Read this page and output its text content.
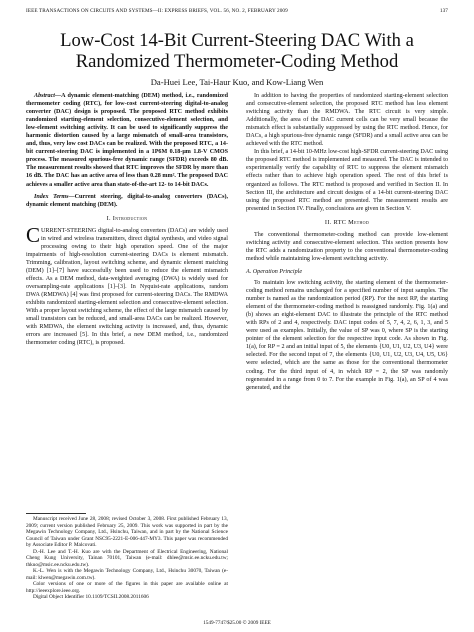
IEEE TRANSACTIONS ON CIRCUITS AND SYSTEMS—II: EXPRESS BRIEFS, VOL. 56, NO. 2, FEBRUARY 2009	137
Low-Cost 14-Bit Current-Steering DAC With a
Randomized Thermometer-Coding Method
Da-Huei Lee, Tai-Haur Kuo, and Kow-Liang Wen

Abstract—A dynamic element-matching (DEM) method, i.e., randomized thermometer coding (RTC), for low-cost current-steering digital-to-analog converter (DAC) design is proposed. The proposed RTC method exhibits randomized starting-element selection, consecutive-element selection, and low-element switching activity. It can be used to significantly suppress the harmonic distortion caused by a large mismatch of small-area transistors, and, thus, very low cost DACs can be realized. With the proposed RTC, a 14-bit current-steering DAC is implemented in a 1P6M 0.18-μm 1.8-V CMOS process. The measured spurious-free dynamic range (SFDR) exceeds 80 dB. The measurement results showed that RTC improves the SFDR by more than 16 dB. The DAC has an active area of less than 0.28 mm². The proposed DAC achieves a smaller active area than state-of-the-art 12- to 14-bit DACs.

Index Terms—Current steering, digital-to-analog converters (DACs), dynamic element matching (DEM).

I. Introduction

CURRENT-STEERING digital-to-analog converters (DACs) are widely used in wired and wireless transmitters, direct digital synthesis, and video signal processing owing to their high operation speed. One of the major impairments of high-resolution current-steering DACs is element mismatch. Trimming, calibration, layout switching scheme, and dynamic element matching (DEM) [1]–[7] have successfully been used to reduce the element mismatch effects. As a DEM method, data-weighted averaging (DWA) is widely used for oversampling-rate applications [1]–[3]. In Nyquist-rate applications, random DWA (RMDWA) [4] was first proposed for current-steering DACs. The RMDWA exhibits randomized starting-element selection and consecutive-element selection. With a proper layout switching scheme, the effect of the large mismatch caused by small transistors can be reduced, and small-area DACs can be realized. However, with RMDWA, the element switching activity is increased, and, thus, dynamic errors are increased [5]. In this brief, a new DEM method, i.e., randomized thermometer coding (RTC), is proposed.

Manuscript received June 28, 2008; revised October 3, 2008. First published February 13, 2009; current version published February 25, 2009. This work was supported in part by the Megawin Technology Company, Ltd., Hsinchu, Taiwan, and in part by the National Science Council of Taiwan under Grant NSC95-2221-E-006-447-MY3. This paper was recommended by Associate Editor P. Malcovati.

D.-H. Lee and T.-H. Kuo are with the Department of Electrical Engineering, National Cheng Kung University, Tainan 70101, Taiwan (e-mail: dhlee@msic.ee.ncku.edu.tw; thkuo@msic.ee.ncku.edu.tw).

K.-L. Wen is with the Megawin Technology Company, Ltd., Hsinchu 30070, Taiwan (e-mail: klwen@megawin.com.tw).

Color versions of one or more of the figures in this paper are available online at http://ieeexplore.ieee.org.

Digital Object Identifier 10.1109/TCSII.2008.2011606

In addition to having the properties of randomized starting-element selection and consecutive-element selection, the proposed RTC method has less element switching activity than the RMDWA. The RTC circuit is very simple. Additionally, the area of the DAC current cells can be very small because the mismatch effect is substantially suppressed by using the RTC method. Hence, for DACs, a high spurious-free dynamic range (SFDR) and a small active area can be achieved with the RTC method.

In this brief, a 14-bit 10-MHz low-cost high-SFDR current-steering DAC using the proposed RTC method is implemented and measured. The DAC is intended to experimentally verify the capability of RTC to suppress the element mismatch effects rather than to achieve high operation speed. The rest of this brief is organized as follows. The RTC method is proposed and verified in Section II. In Section III, the architecture and circuit designs of a 14-bit current-steering DAC using the proposed RTC method are presented. The measurement results are presented in Section IV. Finally, conclusions are given in Section V.

II. RTC Method

The conventional thermometer-coding method can provide low-element switching activity and consecutive-element selection. This section presents how the RTC adds a randomization property to the conventional thermometer-coding method while maintaining low-element switching activity.

A. Operation Principle

To maintain low switching activity, the starting element of the thermometer-coding method remains unchanged for a specified number of input samples. The number is named as the randomization period (RP). For the next RP, the starting element of the thermometer-coding method is reassigned randomly. Fig. 1(a) and (b) shows an eight-element DAC to illustrate the principle of the RTC method with RPs of 2 and 4, respectively. DAC input codes of 5, 7, 4, 2, 6, 1, 3, and 5 were used as examples. Initially, the value of SP was 0, where SP is the starting pointer of the element selection for the respective input code. As shown in Fig. 1(a), for RP = 2 and an initial input of 5, the elements {U0, U1, U2, U3, U4} were selected. For the second input of 7, the elements {U0, U1, U2, U3, U4, U5, U6} were selected, which are the same as those for the conventional thermometer coding. For the third input of 4, in which RP = 2, the SP was randomly regenerated in a range from 0 to 7. For the example in Fig. 1(a), an SP of 4 was generated, and the

1549-7747/$25.00 © 2009 IEEE
